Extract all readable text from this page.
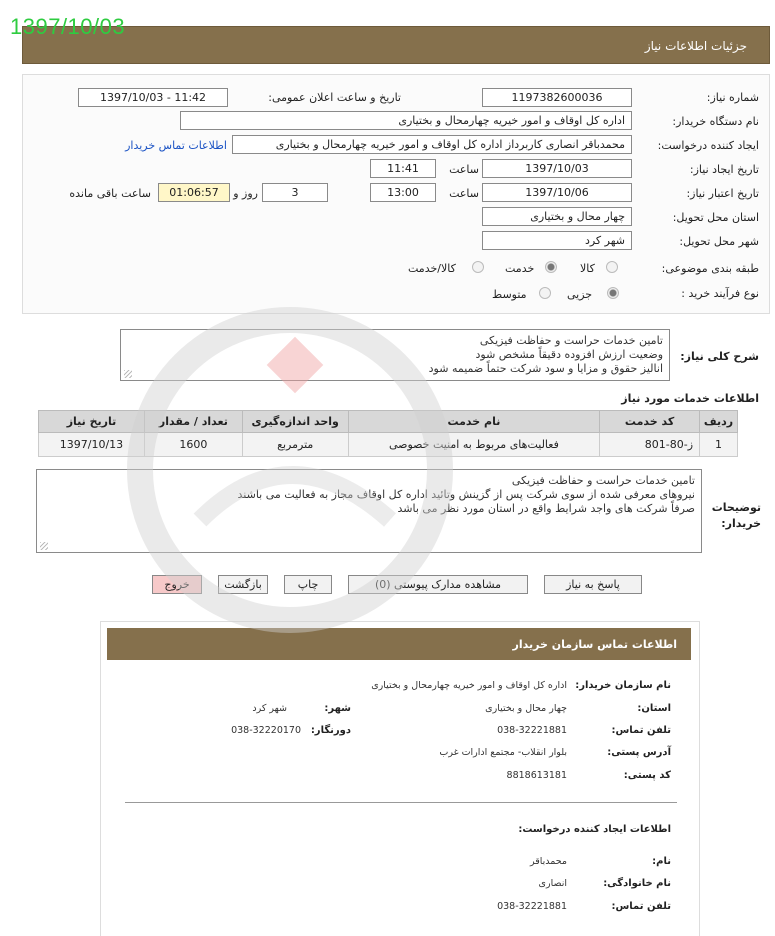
1397/10/03
جزئیات اطلاعات نیاز
شماره نیاز:
1197382600036
تاریخ و ساعت اعلان عمومی:
1397/10/03 - 11:42
نام دستگاه خریدار:
اداره کل اوقاف و امور خیریه چهارمحال و بختیاری
ایجاد کننده درخواست:
محمدباقر انصاری کاربرداز اداره کل اوقاف و امور خیریه چهارمحال و بختیاری
اطلاعات تماس خریدار
تاریخ ایجاد نیاز:
1397/10/03
ساعت
11:41
تاریخ اعتبار نیاز:
1397/10/06
ساعت
13:00
3
روز و
01:06:57
ساعت باقی مانده
استان محل تحویل:
چهار محال و بختیاری
شهر محل تحویل:
شهر کرد
طبقه بندی موضوعی:
کالا
خدمت
کالا/خدمت
نوع فرآیند خرید :
جزیی
متوسط
شرح کلی نیاز:
تامین خدمات حراست و حفاظت فیزیکی
وضعیت ارزش افزوده دقیقاً مشخص شود
انالیز حقوق و مزایا و سود شرکت حتماً ضمیمه شود
اطلاعات خدمات مورد نیاز
ردیف	کد خدمت	نام خدمت	واحد اندازه‌گیری	تعداد / مقدار	تاریخ نیاز
1	ز-80-801	فعالیت‌های مربوط به امنیت خصوصی	مترمربع	1600	1397/10/13
توضیحات خریدار:
تامین خدمات حراست و حفاظت فیزیکی
نیروهای معرفی شده از سوی شرکت پس از گزینش وتائید اداره کل اوقاف مجاز به فعالیت می باشند
صرفاً شرکت های واجد شرایط واقع در استان مورد نظر می باشد
پاسخ به نیاز
مشاهده مدارک پیوستی (0)
چاپ
بازگشت
خروج
اطلاعات تماس سازمان خریدار
نام سازمان خریدار:
اداره کل اوقاف و امور خیریه چهارمحال و بختیاری
استان:
چهار محال و بختیاری
شهر:
شهر کرد
تلفن تماس:
038-32221881
دورنگار:
038-32220170
آدرس پستی:
بلوار انقلاب- مجتمع ادارات غرب
کد پستی:
8818613181
اطلاعات ایجاد کننده درخواست:
نام:
محمدباقر
نام خانوادگی:
انصاری
تلفن تماس:
038-32221881
